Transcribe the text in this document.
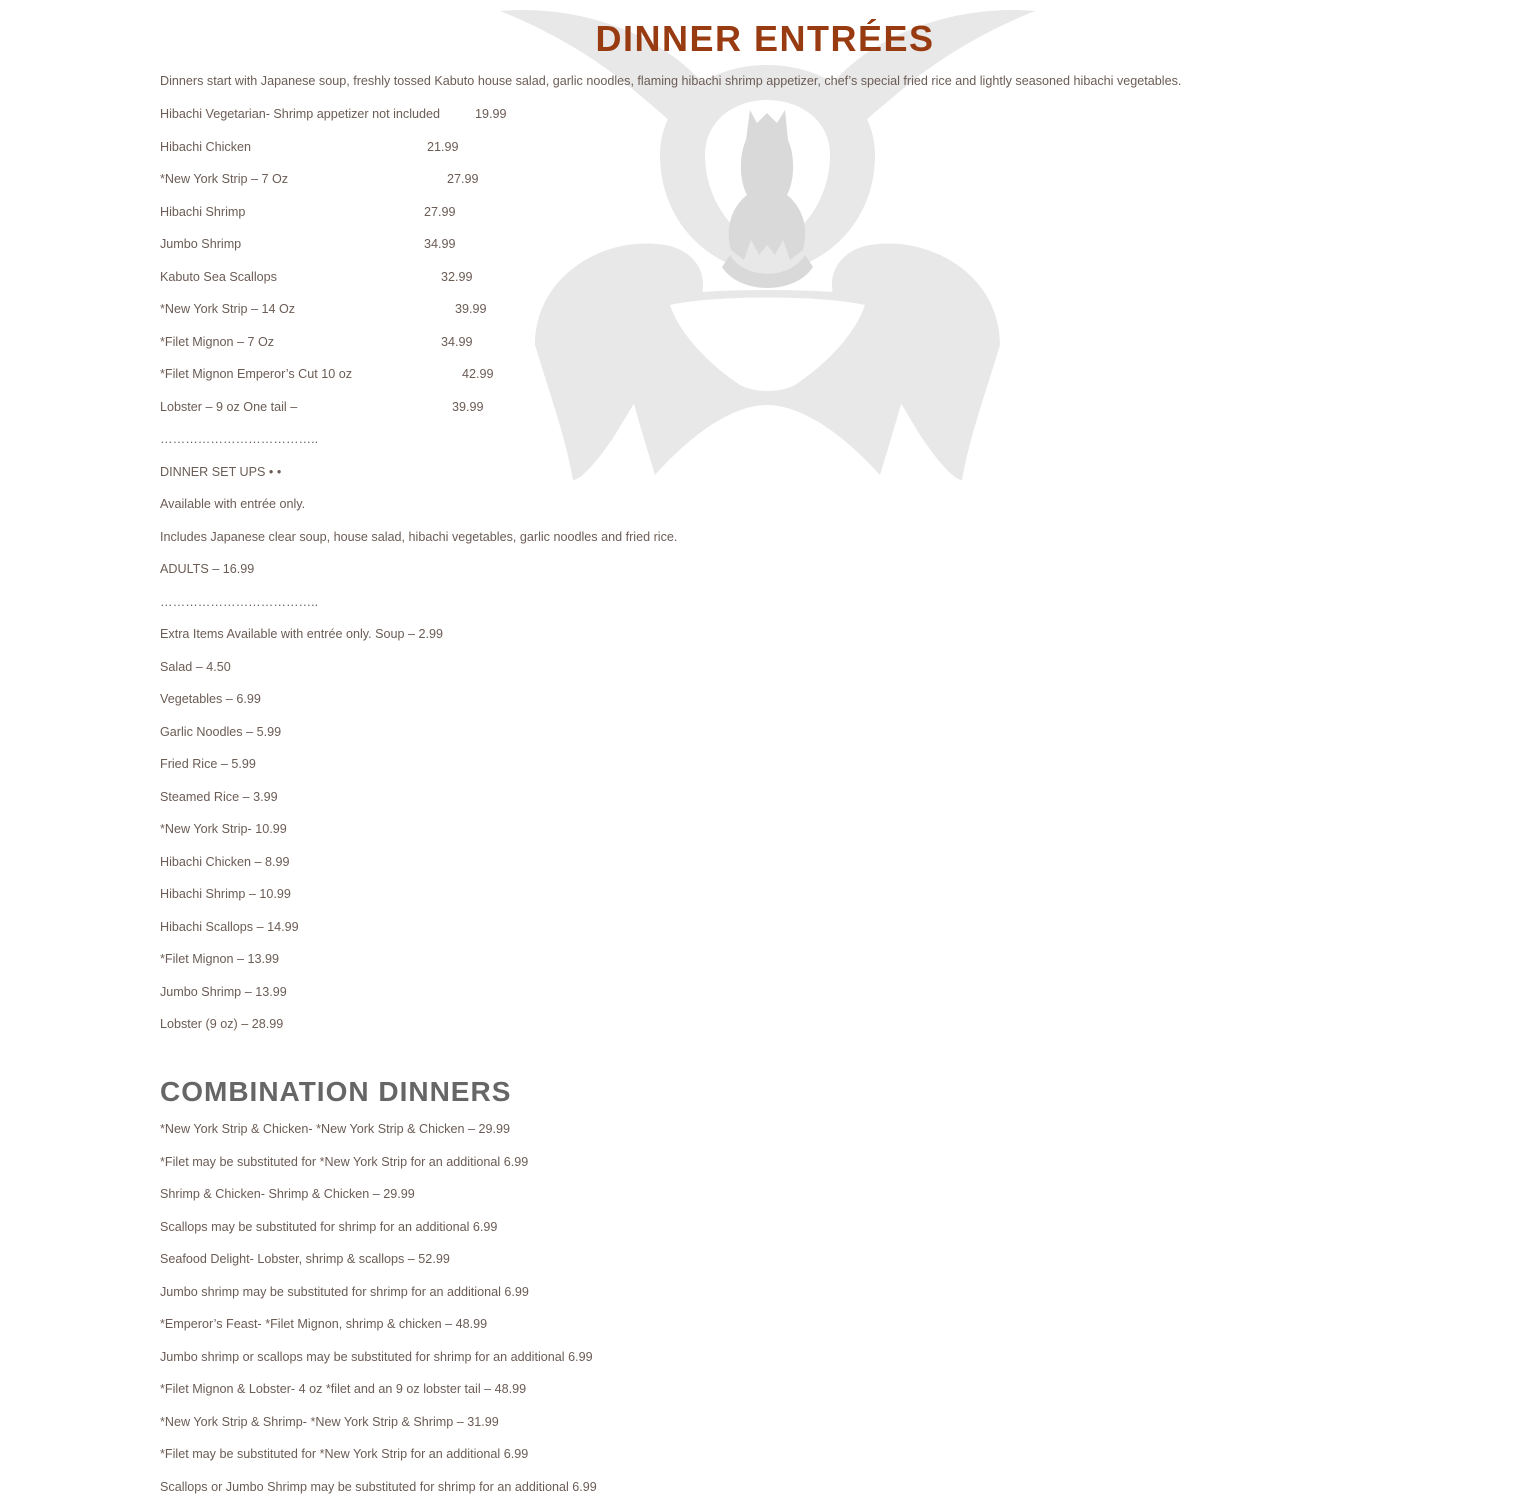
DINNER ENTRÉES

Dinners start with Japanese soup, freshly tossed Kabuto house salad, garlic noodles, flaming hibachi shrimp appetizer, chef’s special fried rice and lightly seasoned hibachi vegetables.

Hibachi Vegetarian- Shrimp appetizer not included	19.99
Hibachi Chicken	21.99
*New York Strip – 7 Oz	27.99
Hibachi Shrimp	27.99
Jumbo Shrimp	34.99
Kabuto Sea Scallops	32.99
*New York Strip – 14 Oz	39.99
*Filet Mignon – 7 Oz	34.99
*Filet Mignon Emperor’s Cut 10 oz	42.99
Lobster – 9 oz One tail –	39.99
………………………………..
DINNER SET UPS • •
Available with entrée only.
Includes Japanese clear soup, house salad, hibachi vegetables, garlic noodles and fried rice.
ADULTS – 16.99
………………………………..
Extra Items Available with entrée only. Soup – 2.99
Salad – 4.50
Vegetables – 6.99
Garlic Noodles – 5.99
Fried Rice – 5.99
Steamed Rice – 3.99
*New York Strip- 10.99
Hibachi Chicken – 8.99
Hibachi Shrimp – 10.99
Hibachi Scallops – 14.99
*Filet Mignon – 13.99
Jumbo Shrimp – 13.99
Lobster (9 oz) – 28.99
COMBINATION DINNERS
*New York Strip & Chicken- *New York Strip & Chicken – 29.99
*Filet may be substituted for *New York Strip for an additional 6.99
Shrimp & Chicken- Shrimp & Chicken – 29.99
Scallops may be substituted for shrimp for an additional 6.99
Seafood Delight- Lobster, shrimp & scallops – 52.99
Jumbo shrimp may be substituted for shrimp for an additional 6.99
*Emperor’s Feast- *Filet Mignon, shrimp & chicken – 48.99
Jumbo shrimp or scallops may be substituted for shrimp for an additional 6.99
*Filet Mignon & Lobster- 4 oz *filet and an 9 oz lobster tail – 48.99
*New York Strip & Shrimp- *New York Strip & Shrimp – 31.99
*Filet may be substituted for *New York Strip for an additional 6.99
Scallops or Jumbo Shrimp may be substituted for shrimp for an additional 6.99
